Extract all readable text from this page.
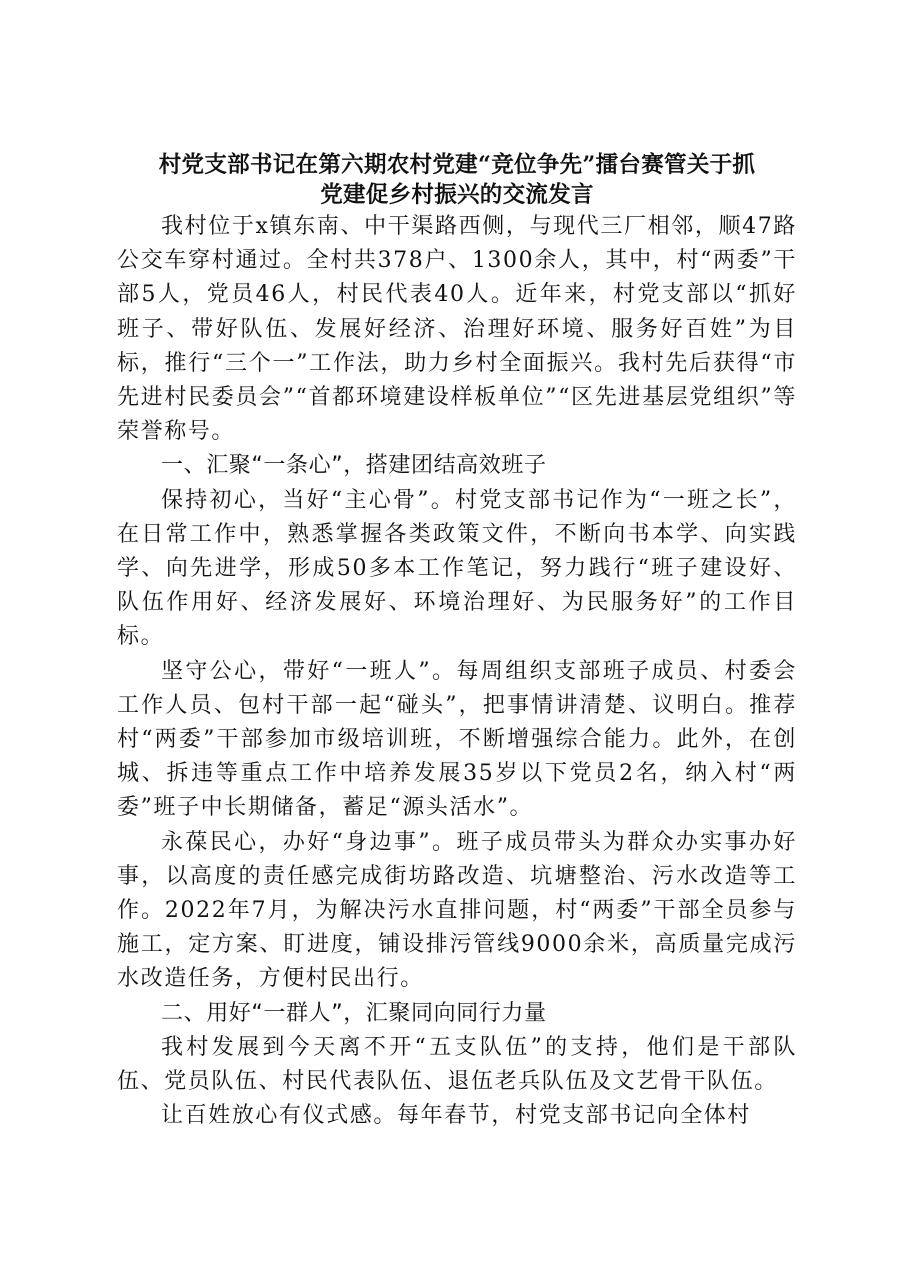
村党支部书记在第六期农村党建“竞位争先”擂台赛管关于抓
党建促乡村振兴的交流发言

我村位于x镇东南、中干渠路西侧，与现代三厂相邻，顺47路公交车穿村通过。全村共378户、1300余人，其中，村“两委”干部5人，党员46人，村民代表40人。近年来，村党支部以“抓好班子、带好队伍、发展好经济、治理好环境、服务好百姓”为目标，推行“三个一”工作法，助力乡村全面振兴。我村先后获得“市先进村民委员会”“首都环境建设样板单位”“区先进基层党组织”等荣誉称号。

一、汇聚“一条心”，搭建团结高效班子

保持初心，当好“主心骨”。村党支部书记作为“一班之长”，在日常工作中，熟悉掌握各类政策文件，不断向书本学、向实践学、向先进学，形成50多本工作笔记，努力践行“班子建设好、队伍作用好、经济发展好、环境治理好、为民服务好”的工作目标。

坚守公心，带好“一班人”。每周组织支部班子成员、村委会工作人员、包村干部一起“碰头”，把事情讲清楚、议明白。推荐村“两委”干部参加市级培训班，不断增强综合能力。此外，在创城、拆违等重点工作中培养发展35岁以下党员2名，纳入村“两委”班子中长期储备，蓄足“源头活水”。

永葆民心，办好“身边事”。班子成员带头为群众办实事办好事，以高度的责任感完成街坊路改造、坑塘整治、污水改造等工作。2022年7月，为解决污水直排问题，村“两委”干部全员参与施工，定方案、盯进度，铺设排污管线9000余米，高质量完成污水改造任务，方便村民出行。

二、用好“一群人”，汇聚同向同行力量

我村发展到今天离不开“五支队伍”的支持，他们是干部队伍、党员队伍、村民代表队伍、退伍老兵队伍及文艺骨干队伍。

让百姓放心有仪式感。每年春节，村党支部书记向全体村
